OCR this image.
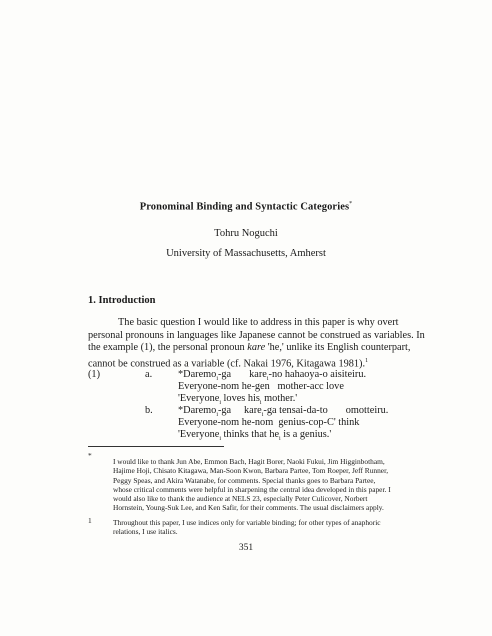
Pronominal Binding and Syntactic Categories*
Tohru Noguchi
University of Massachusetts, Amherst
1. Introduction
The basic question I would like to address in this paper is why overt
personal pronouns in languages like Japanese cannot be construed as variables. In
the example (1), the personal pronoun kare 'he,' unlike its English counterpart,
cannot be construed as a variable (cf. Nakai 1976, Kitagawa 1981).$^1$
(1)	a.	*Daremo$_i$-ga       kare$_i$-no hahaoya-o aisiteiru.
Everyone-nom he-gen   mother-acc love
'Everyone$_i$ loves his$_i$ mother.'
b. *Daremo$_i$-ga     kare$_i$-ga tensai-da-to       omotteiru.
Everyone-nom he-nom  genius-cop-C' think
'Everyone$_i$ thinks that $he_i$ is a genius.'
*
I would like to thank Jun Abe, Emmon Bach, Hagit Borer, Naoki Fukui, Jim Higginbotham,
Hajime Hoji, Chisato Kitagawa, Man-Soon Kwon, Barbara Partee, Tom Roeper, Jeff Runner,
Peggy Speas, and Akira Watanabe, for comments. Special thanks goes to Barbara Partee,
whose critical comments were helpful in sharpening the central idea developed in this paper. I
would also like to thank the audience at NELS 23, especially Peter Culicover, Norbert
Hornstein, Young-Suk Lee, and Ken Safir, for their comments. The usual disclaimers apply.
1	Throughout this paper, I use indices only for variable binding; for other types of anaphoric
relations, I use italics.
351
